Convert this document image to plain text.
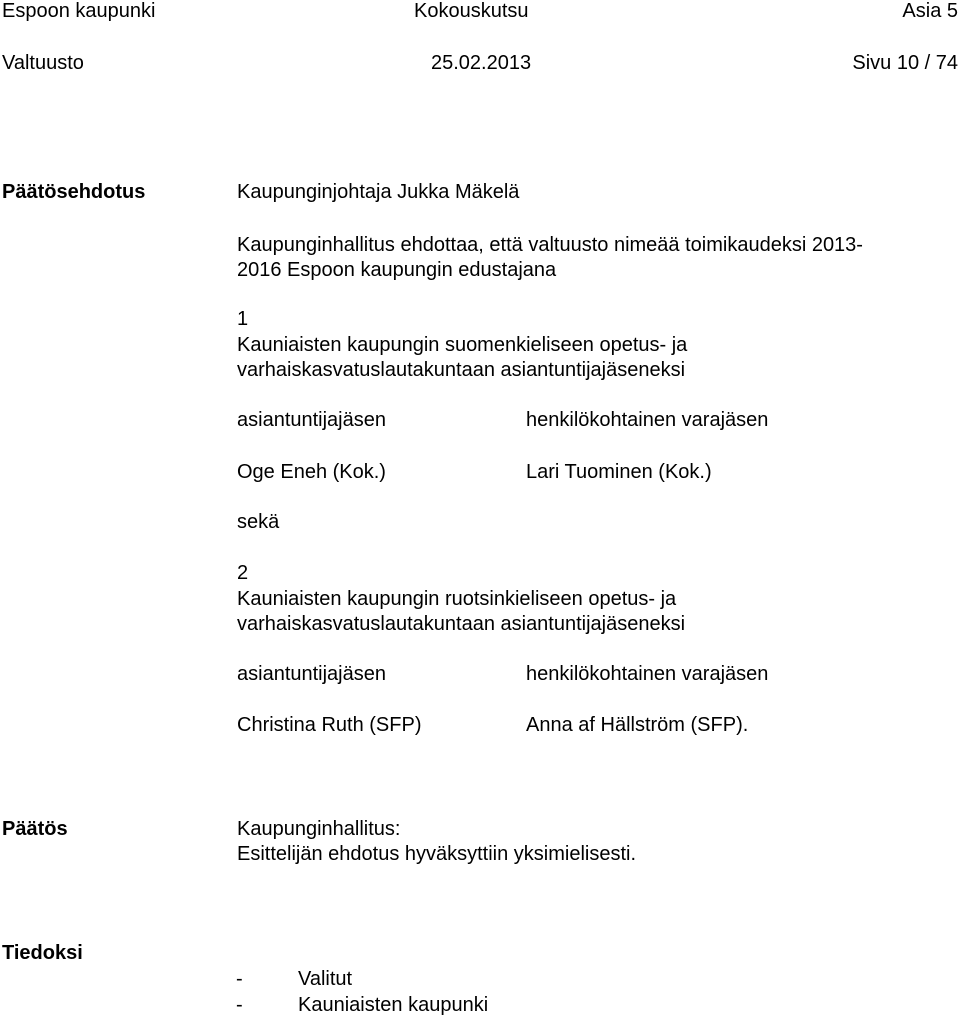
Espoon kaupunki	Kokouskutsu	Asia 5
Valtuusto	25.02.2013	Sivu 10 / 74
Päätösehdotus	Kaupunginjohtaja Jukka Mäkelä
Kaupunginhallitus ehdottaa, että valtuusto nimeää toimikaudeksi 2013-
2016 Espoon kaupungin edustajana
1
Kauniaisten kaupungin suomenkieliseen opetus- ja
varhaiskasvatuslautakuntaan asiantuntijajäseneksi
asiantuntijajäsen	henkilökohtainen varajäsen
Oge Eneh (Kok.)	Lari Tuominen (Kok.)
sekä
2
Kauniaisten kaupungin ruotsinkieliseen opetus- ja
varhaiskasvatuslautakuntaan asiantuntijajäseneksi
asiantuntijajäsen	henkilökohtainen varajäsen
Christina Ruth (SFP)	Anna af Hällström (SFP).
Päätös	Kaupunginhallitus:
Esittelijän ehdotus hyväksyttiin yksimielisesti.
Tiedoksi
-	Valitut
-	Kauniaisten kaupunki
